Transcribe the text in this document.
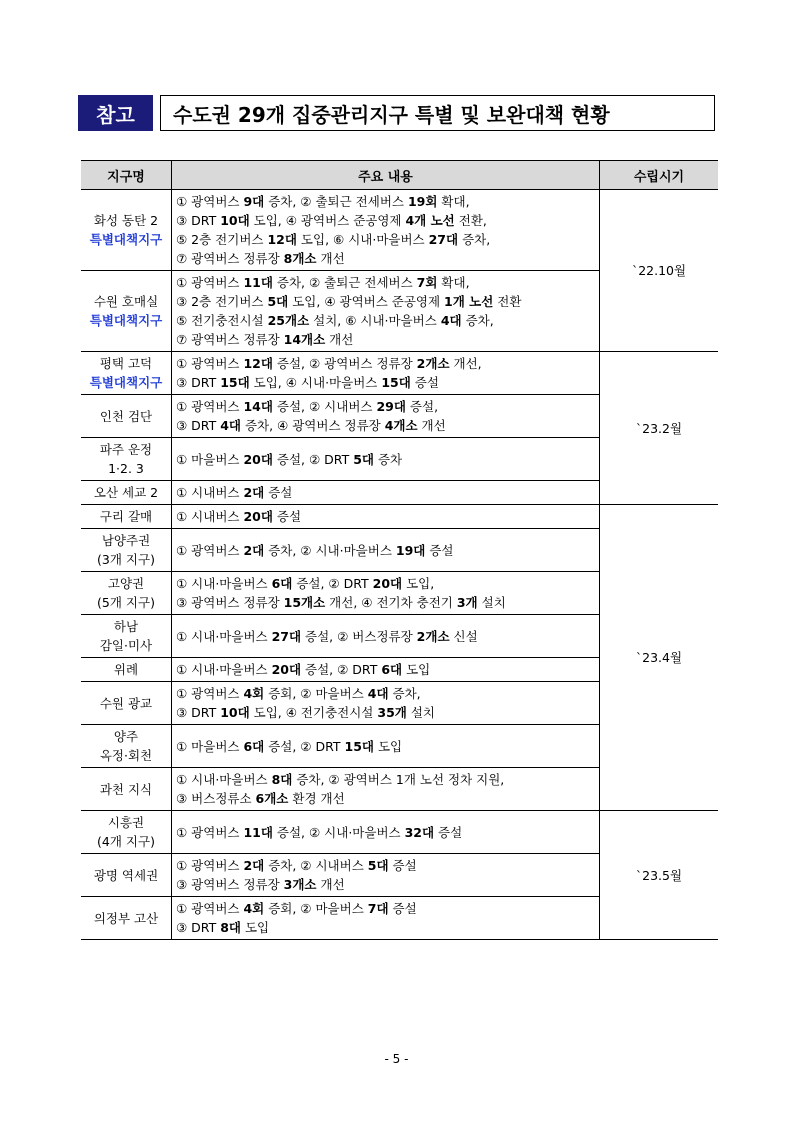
참고	수도권 29개 집중관리지구 특별 및 보완대책 현황
지구명	주요 내용	수립시기

화성 동탄 2
특별대책지구	① 광역버스 9대 증차, ② 출퇴근 전세버스 19회 확대,
③ DRT 10대 도입, ④ 광역버스 준공영제 4개 노선 전환,
⑤ 2층 전기버스 12대 도입, ⑥ 시내·마을버스 27대 증차,
⑦ 광역버스 정류장 8개소 개선	`22.10월

수원 호매실
특별대책지구	① 광역버스 11대 증차, ② 출퇴근 전세버스 7회 확대,
③ 2층 전기버스 5대 도입, ④ 광역버스 준공영제 1개 노선 전환
⑤ 전기충전시설 25개소 설치, ⑥ 시내·마을버스 4대 증차,
⑦ 광역버스 정류장 14개소 개선	

평택 고덕
특별대책지구	① 광역버스 12대 증설, ② 광역버스 정류장 2개소 개선,
③ DRT 15대 도입, ④ 시내·마을버스 15대 증설	`23.2월

인천 검단	① 광역버스 14대 증설, ② 시내버스 29대 증설,
③ DRT 4대 증차, ④ 광역버스 정류장 4개소 개선	

파주 운정
1·2. 3	① 마을버스 20대 증설, ② DRT 5대 증차	

오산 세교 2	① 시내버스 2대 증설	

구리 갈매	① 시내버스 20대 증설	`23.4월

남양주권
(3개 지구)	① 광역버스 2대 증차, ② 시내·마을버스 19대 증설	

고양권
(5개 지구)	① 시내·마을버스 6대 증설, ② DRT 20대 도입,
③ 광역버스 정류장 15개소 개선, ④ 전기차 충전기 3개 설치	

하남
감일·미사	① 시내·마을버스 27대 증설, ② 버스정류장 2개소 신설	

위례	① 시내·마을버스 20대 증설, ② DRT 6대 도입	

수원 광교	① 광역버스 4회 증회, ② 마을버스 4대 증차,
③ DRT 10대 도입, ④ 전기충전시설 35개 설치	

양주
옥정·회천	① 마을버스 6대 증설, ② DRT 15대 도입	

과천 지식	① 시내·마을버스 8대 증차, ② 광역버스 1개 노선 정차 지원,
③ 버스정류소 6개소 환경 개선	

시흥권
(4개 지구)	① 광역버스 11대 증설, ② 시내·마을버스 32대 증설	`23.5월

광명 역세권	① 광역버스 2대 증차, ② 시내버스 5대 증설
③ 광역버스 정류장 3개소 개선	

의정부 고산	① 광역버스 4회 증회, ② 마을버스 7대 증설
③ DRT 8대 도입	
- 5 -
